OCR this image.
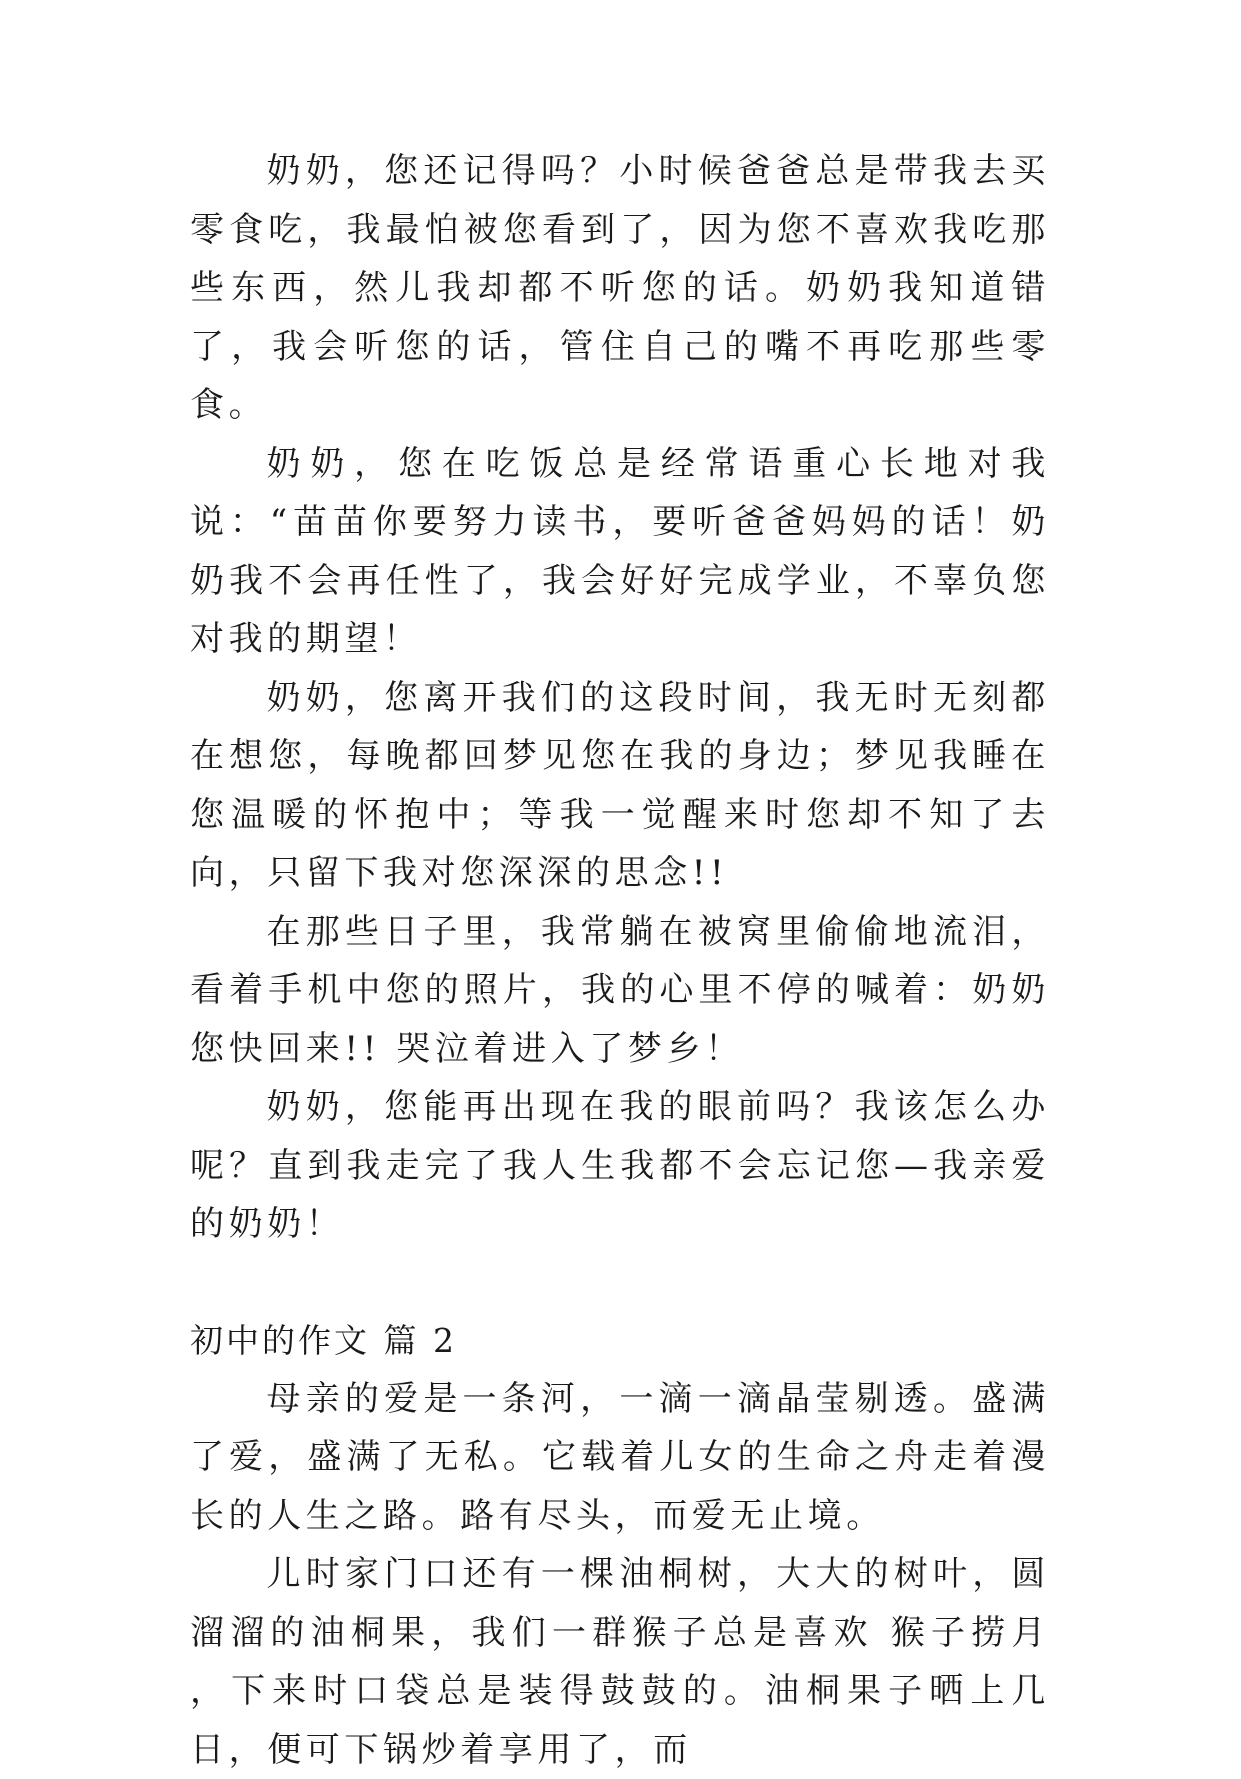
奶奶，您还记得吗？小时候爸爸总是带我去买零食吃，我最怕被您看到了，因为您不喜欢我吃那些东西，然儿我却都不听您的话。奶奶我知道错了，我会听您的话，管住自己的嘴不再吃那些零食。

奶奶，您在吃饭总是经常语重心长地对我说：“苗苗你要努力读书，要听爸爸妈妈的话！奶奶我不会再任性了，我会好好完成学业，不辜负您对我的期望！

奶奶，您离开我们的这段时间，我无时无刻都在想您，每晚都回梦见您在我的身边；梦见我睡在您温暖的怀抱中；等我一觉醒来时您却不知了去向，只留下我对您深深的思念!!

在那些日子里，我常躺在被窝里偷偷地流泪，看着手机中您的照片，我的心里不停的喊着：奶奶您快回来!! 哭泣着进入了梦乡！

奶奶，您能再出现在我的眼前吗？我该怎么办呢？直到我走完了我人生我都不会忘记您—我亲爱的奶奶！

初中的作文 篇 2

母亲的爱是一条河，一滴一滴晶莹剔透。盛满了爱，盛满了无私。它载着儿女的生命之舟走着漫长的人生之路。路有尽头，而爱无止境。

儿时家门口还有一棵油桐树，大大的树叶，圆溜溜的油桐果，我们一群猴子总是喜欢 猴子捞月 ，下来时口袋总是装得鼓鼓的。油桐果子晒上几日，便可下锅炒着享用了，而
